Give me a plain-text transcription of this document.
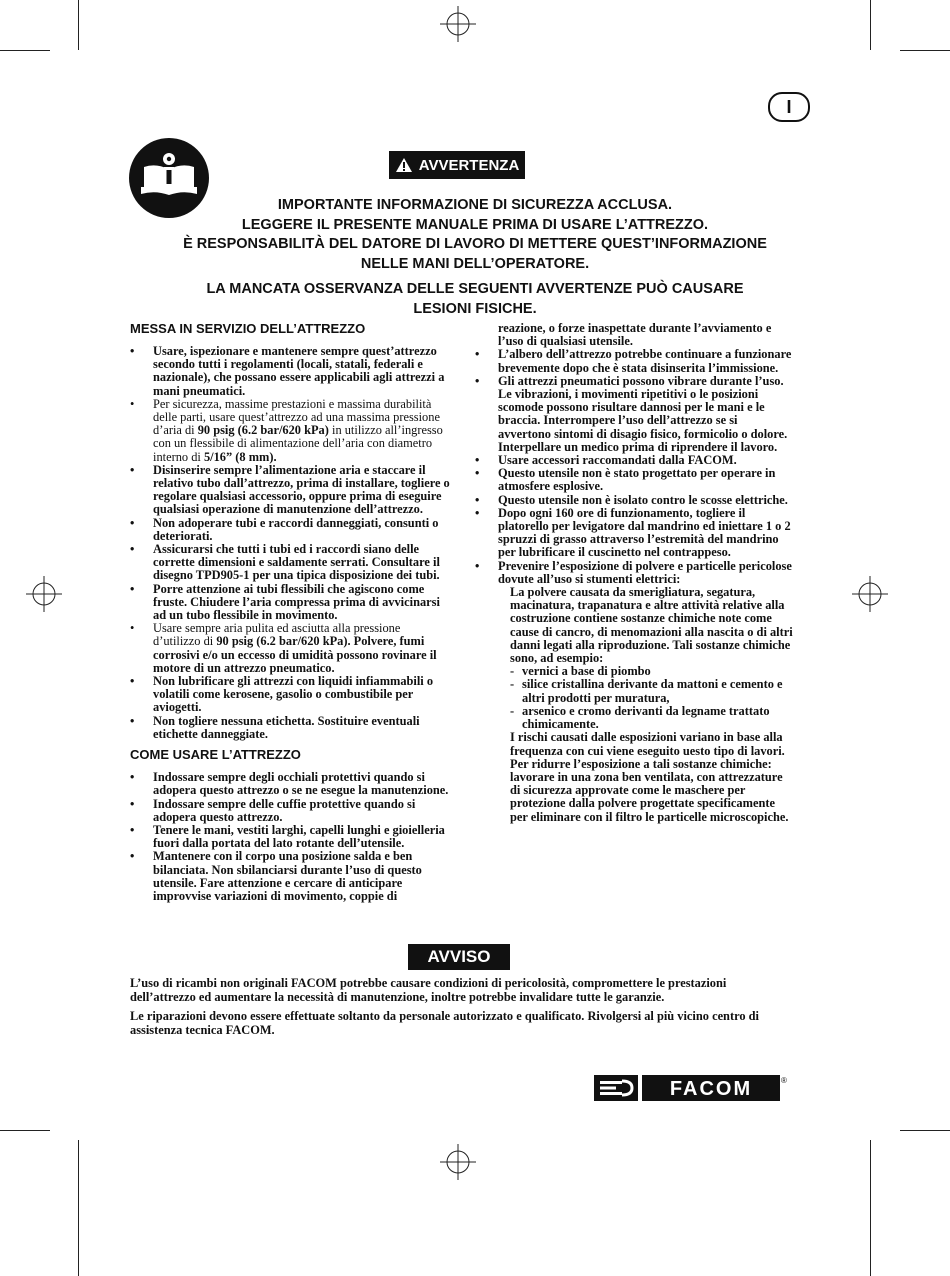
I
AVVERTENZA
IMPORTANTE INFORMAZIONE DI SICUREZZA ACCLUSA.
LEGGERE IL PRESENTE MANUALE PRIMA DI USARE L’ATTREZZO.
È RESPONSABILITÀ DEL DATORE DI LAVORO DI METTERE QUEST’INFORMAZIONE
NELLE MANI DELL’OPERATORE.
LA MANCATA OSSERVANZA DELLE SEGUENTI AVVERTENZE PUÒ CAUSARE
LESIONI FISICHE.
MESSA IN SERVIZIO DELL’ATTREZZO
• Usare, ispezionare e mantenere sempre quest’attrezzo secondo tutti i regolamenti (locali, statali, federali e nazionale), che possano essere applicabili agli attrezzi a mani pneumatici.
• Per sicurezza, massime prestazioni e massima durabilità delle parti, usare quest’attrezzo ad una massima pressione d’aria di 90 psig (6.2 bar/620 kPa) in utilizzo all’ingresso con un flessibile di alimentazione dell’aria con diametro interno di 5/16” (8 mm).
• Disinserire sempre l’alimentazione aria e staccare il relativo tubo dall’attrezzo, prima di installare, togliere o regolare qualsiasi accessorio, oppure prima di eseguire qualsiasi operazione di manutenzione dell’attrezzo.
• Non adoperare tubi e raccordi danneggiati, consunti o deteriorati.
• Assicurarsi che tutti i tubi ed i raccordi siano delle corrette dimensioni e saldamente serrati. Consultare il disegno TPD905-1 per una tipica disposizione dei tubi.
• Porre attenzione ai tubi flessibili che agiscono come fruste. Chiudere l’aria compressa prima di avvicinarsi ad un tubo flessibile in movimento.
• Usare sempre aria pulita ed asciutta alla pressione d’utilizzo di 90 psig (6.2 bar/620 kPa). Polvere, fumi corrosivi e/o un eccesso di umidità possono rovinare il motore di un attrezzo pneumatico.
• Non lubrificare gli attrezzi con liquidi infiammabili o volatili come kerosene, gasolio o combustibile per aviogetti.
• Non togliere nessuna etichetta. Sostituire eventuali etichette danneggiate.
COME USARE L’ATTREZZO
• Indossare sempre degli occhiali protettivi quando si adopera questo attrezzo o se ne esegue la manutenzione.
• Indossare sempre delle cuffie protettive quando si adopera questo attrezzo.
• Tenere le mani, vestiti larghi, capelli lunghi e gioielleria fuori dalla portata del lato rotante dell’utensile.
• Mantenere con il corpo una posizione salda e ben bilanciata. Non sbilanciarsi durante l’uso di questo utensile. Fare attenzione e cercare di anticipare improvvise variazioni di movimento, coppie di
reazione, o forze inaspettate durante l’avviamento e l’uso di qualsiasi utensile.
• L’albero dell’attrezzo potrebbe continuare a funzionare brevemente dopo che è stata disinserita l’immissione.
• Gli attrezzi pneumatici possono vibrare durante l’uso. Le vibrazioni, i movimenti ripetitivi o le posizioni scomode possono risultare dannosi per le mani e le braccia. Interrompere l’uso dell’attrezzo se si avvertono sintomi di disagio fisico, formicolio o dolore. Interpellare un medico prima di riprendere il lavoro.
• Usare accessori raccomandati dalla FACOM.
• Questo utensile non è stato progettato per operare in atmosfere esplosive.
• Questo utensile non è isolato contro le scosse elettriche.
• Dopo ogni 160 ore di funzionamento, togliere il platorello per levigatore dal mandrino ed iniettare 1 o 2 spruzzi di grasso attraverso l’estremità del mandrino per lubrificare il cuscinetto nel contrappeso.
• Prevenire l’esposizione di polvere e particelle pericolose dovute all’uso si stumenti elettrici:
La polvere causata da smerigliatura, segatura, macinatura, trapanatura e altre attività relative alla costruzione contiene sostanze chimiche note come cause di cancro, di menomazioni alla nascita o di altri danni legati alla riproduzione. Tali sostanze chimiche sono, ad esempio:
- vernici a base di piombo
- silice cristallina derivante da mattoni e cemento e altri prodotti per muratura,
- arsenico e cromo derivanti da legname trattato chimicamente.
I rischi causati dalle esposizioni variano in base alla frequenza con cui viene eseguito uesto tipo di lavori. Per ridurre l’esposizione a tali sostanze chimiche: lavorare in una zona ben ventilata, con attrezzature di sicurezza approvate come le maschere per protezione dalla polvere progettate specificamente per eliminare con il filtro le particelle microscopiche.
AVVISO
L’uso di ricambi non originali FACOM potrebbe causare condizioni di pericolosità, compromettere le prestazioni dell’attrezzo ed aumentare la necessità di manutenzione, inoltre potrebbe invalidare tutte le garanzie.
Le riparazioni devono essere effettuate soltanto da personale autorizzato e qualificato. Rivolgersi al più vicino centro di assistenza tecnica FACOM.
FACOM	®
